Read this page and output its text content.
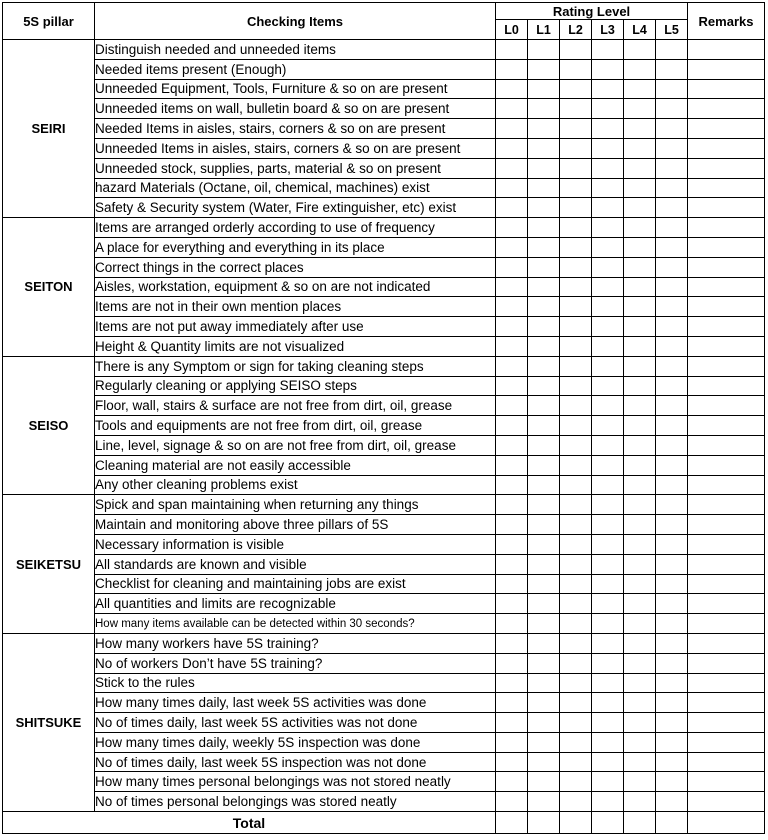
5S pillar	Checking Items	Rating Level						Remarks
		L0	L1	L2	L3	L4	L5	
SEIRI	Distinguish needed and unneeded items							
	Needed items present (Enough)							
	Unneeded Equipment, Tools, Furniture & so on are present							
	Unneeded items on wall, bulletin board & so on are present							
	Needed Items in aisles, stairs, corners & so on are present							
	Unneeded Items in aisles, stairs, corners & so on are present							
	Unneeded stock, supplies, parts, material & so on present							
	hazard Materials (Octane, oil, chemical, machines) exist							
	Safety & Security system (Water, Fire extinguisher, etc) exist							
SEITON	Items are arranged orderly according to use of frequency							
	A place for everything and everything in its place							
	Correct things in the correct places							
	Aisles, workstation, equipment & so on are not indicated							
	Items are not in their own mention places							
	Items are not put away immediately after use							
	Height & Quantity limits are not visualized							
SEISO	There is any Symptom or sign for taking cleaning steps							
	Regularly cleaning or applying SEISO steps							
	Floor, wall, stairs & surface are not free from dirt, oil, grease							
	Tools and equipments are not free from dirt, oil, grease							
	Line, level, signage & so on are not free from dirt, oil, grease							
	Cleaning material are not easily accessible							
	Any other cleaning problems exist							
SEIKETSU	Spick and span maintaining when returning any things							
	Maintain and monitoring above three pillars of 5S							
	Necessary information is visible							
	All standards are known and visible							
	Checklist for cleaning and maintaining jobs are exist							
	All quantities and limits are recognizable							
	How many items available can be detected within 30 seconds?							
SHITSUKE	How many workers have 5S training?							
	No of workers Don’t have 5S training?							
	Stick to the rules							
	How many times daily, last week 5S activities was done							
	No of times daily, last week 5S activities was not done							
	How many times daily, weekly 5S inspection was done							
	No of times daily, last week 5S inspection was not done							
	How many times personal belongings was not stored neatly							
	No of times personal belongings was stored neatly							
Total								
